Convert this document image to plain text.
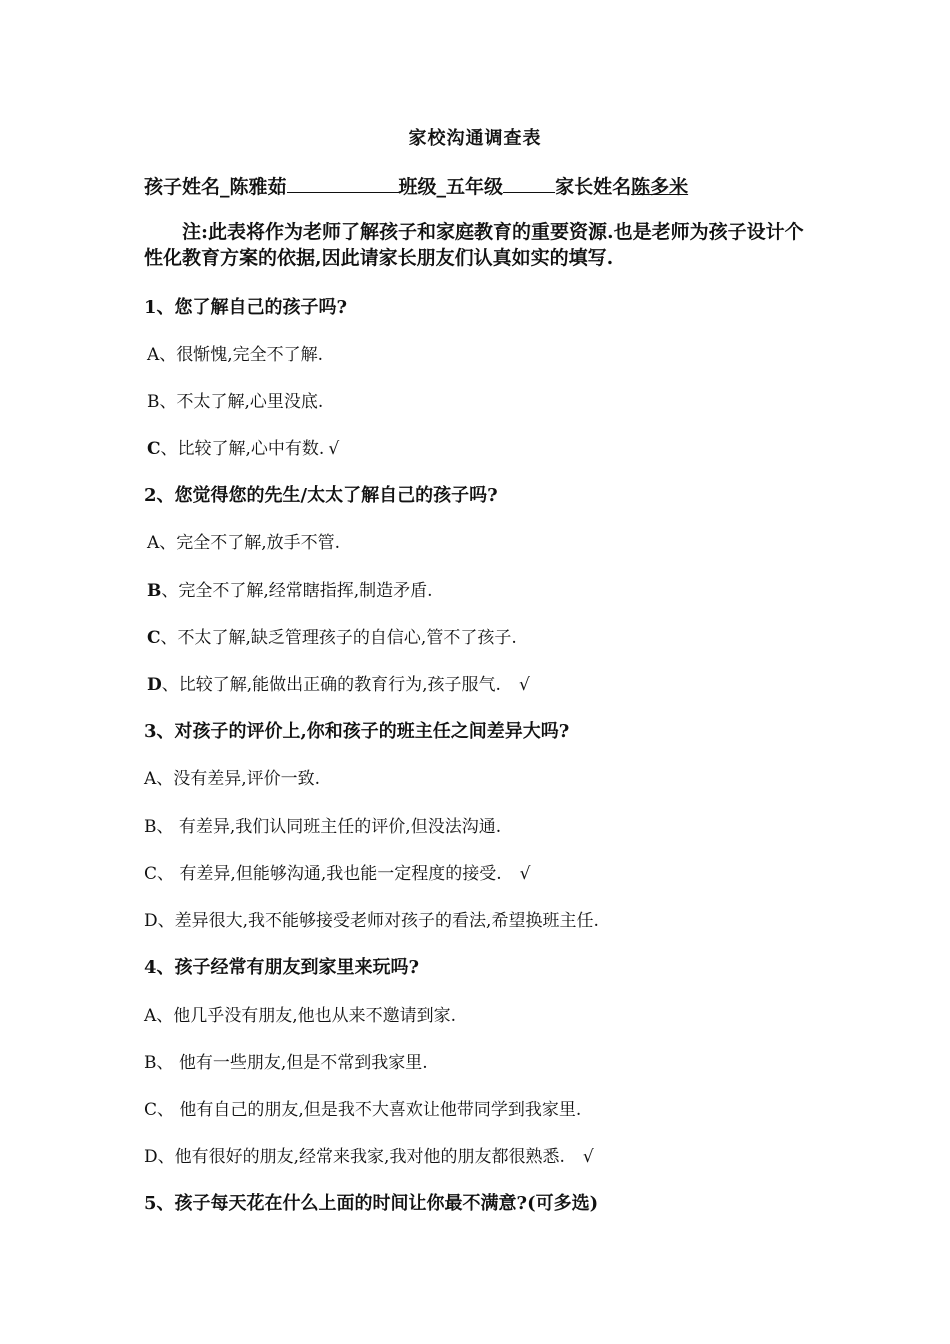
家校沟通调查表
孩子姓名_陈雅茹	班级_五年级	家长姓名陈多米
注:此表将作为老师了解孩子和家庭教育的重要资源.也是老师为孩子设计个性化教育方案的依据,因此请家长朋友们认真如实的填写.
1、您了解自己的孩子吗?
A、很惭愧,完全不了解.
B、不太了解,心里没底.
C、比较了解,心中有数. √
2、您觉得您的先生/太太了解自己的孩子吗?
A、完全不了解,放手不管.
B、完全不了解,经常瞎指挥,制造矛盾.
C、不太了解,缺乏管理孩子的自信心,管不了孩子.
D、比较了解,能做出正确的教育行为,孩子服气. √
3、对孩子的评价上,你和孩子的班主任之间差异大吗?
A、没有差异,评价一致.
B、 有差异,我们认同班主任的评价,但没法沟通.
C、 有差异,但能够沟通,我也能一定程度的接受. √
D、差异很大,我不能够接受老师对孩子的看法,希望换班主任.
4、孩子经常有朋友到家里来玩吗?
A、他几乎没有朋友,他也从来不邀请到家.
B、 他有一些朋友,但是不常到我家里.
C、 他有自己的朋友,但是我不大喜欢让他带同学到我家里.
D、他有很好的朋友,经常来我家,我对他的朋友都很熟悉. √
5、孩子每天花在什么上面的时间让你最不满意?(可多选)
